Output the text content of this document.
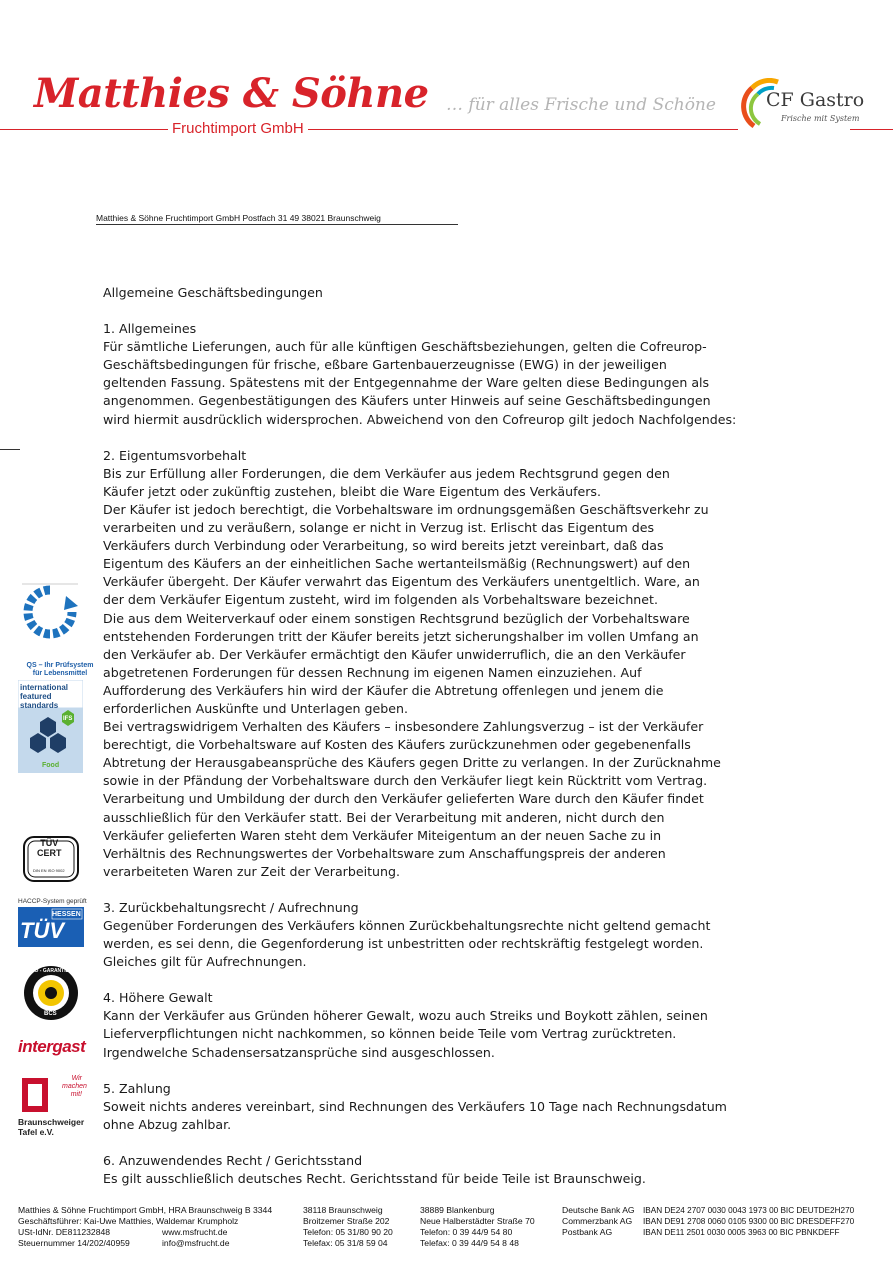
Matthies & Söhne … für alles Frische und Schöne
Fruchtimport GmbH
CF Gastro
Frische mit System
Matthies & Söhne Fruchtimport GmbH Postfach 31 49 38021 Braunschweig
Allgemeine Geschäftsbedingungen
1. Allgemeines
Für sämtliche Lieferungen, auch für alle künftigen Geschäftsbeziehungen, gelten die Cofreurop-
Geschäftsbedingungen für frische, eßbare Gartenbauerzeugnisse (EWG) in der jeweiligen
geltenden Fassung. Spätestens mit der Entgegennahme der Ware gelten diese Bedingungen als
angenommen. Gegenbestätigungen des Käufers unter Hinweis auf seine Geschäftsbedingungen
wird hiermit ausdrücklich widersprochen. Abweichend von den Cofreurop gilt jedoch Nachfolgendes:
2. Eigentumsvorbehalt
Bis zur Erfüllung aller Forderungen, die dem Verkäufer aus jedem Rechtsgrund gegen den
Käufer jetzt oder zukünftig zustehen, bleibt die Ware Eigentum des Verkäufers.
Der Käufer ist jedoch berechtigt, die Vorbehaltsware im ordnungsgemäßen Geschäftsverkehr zu
verarbeiten und zu veräußern, solange er nicht in Verzug ist. Erlischt das Eigentum des
Verkäufers durch Verbindung oder Verarbeitung, so wird bereits jetzt vereinbart, daß das
Eigentum des Käufers an der einheitlichen Sache wertanteilsmäßig (Rechnungswert) auf den
Verkäufer übergeht. Der Käufer verwahrt das Eigentum des Verkäufers unentgeltlich. Ware, an
der dem Verkäufer Eigentum zusteht, wird im folgenden als Vorbehaltsware bezeichnet.
Die aus dem Weiterverkauf oder einem sonstigen Rechtsgrund bezüglich der Vorbehaltsware
entstehenden Forderungen tritt der Käufer bereits jetzt sicherungshalber im vollen Umfang an
den Verkäufer ab. Der Verkäufer ermächtigt den Käufer unwiderruflich, die an den Verkäufer
abgetretenen Forderungen für dessen Rechnung im eigenen Namen einzuziehen. Auf
Aufforderung des Verkäufers hin wird der Käufer die Abtretung offenlegen und jenem die
erforderlichen Auskünfte und Unterlagen geben.
Bei vertragswidrigem Verhalten des Käufers – insbesondere Zahlungsverzug – ist der Verkäufer
berechtigt, die Vorbehaltsware auf Kosten des Käufers zurückzunehmen oder gegebenenfalls
Abtretung der Herausgabeansprüche des Käufers gegen Dritte zu verlangen. In der Zurücknahme
sowie in der Pfändung der Vorbehaltsware durch den Verkäufer liegt kein Rücktritt vom Vertrag.
Verarbeitung und Umbildung der durch den Verkäufer gelieferten Ware durch den Käufer findet
ausschließlich für den Verkäufer statt. Bei der Verarbeitung mit anderen, nicht durch den
Verkäufer gelieferten Waren steht dem Verkäufer Miteigentum an der neuen Sache zu in
Verhältnis des Rechnungswertes der Vorbehaltsware zum Anschaffungspreis der anderen
verarbeiteten Waren zur Zeit der Verarbeitung.
3. Zurückbehaltungsrecht / Aufrechnung
Gegenüber Forderungen des Verkäufers können Zurückbehaltungsrechte nicht geltend gemacht
werden, es sei denn, die Gegenforderung ist unbestritten oder rechtskräftig festgelegt worden.
Gleiches gilt für Aufrechnungen.
4. Höhere Gewalt
Kann der Verkäufer aus Gründen höherer Gewalt, wozu auch Streiks und Boykott zählen, seinen
Lieferverpflichtungen nicht nachkommen, so können beide Teile vom Vertrag zurücktreten.
Irgendwelche Schadensersatzansprüche sind ausgeschlossen.
5. Zahlung
Soweit nichts anderes vereinbart, sind Rechnungen des Verkäufers 10 Tage nach Rechnungsdatum
ohne Abzug zahlbar.
6. Anzuwendendes Recht / Gerichtsstand
Es gilt ausschließlich deutsches Recht. Gerichtsstand für beide Teile ist Braunschweig.
QS – Ihr Prüfsystem
für Lebensmittel
international
featured
standards
IFS
Food
TÜV
CERT
DIN EN ISO 9002
HACCP-System geprüft
HESSEN
TÜV
ÖKO - GARANTIE
BCS
intergast
Wir
machen
mit!
Braunschweiger
Tafel e.V.
Matthies & Söhne Fruchtimport GmbH, HRA Braunschweig B 3344
Geschäftsführer: Kai-Uwe Matthies, Waldemar Krumpholz
USt-IdNr. DE811232848
Steuernummer 14/202/40959
www.msfrucht.de
info@msfrucht.de
38118 Braunschweig
Broitzemer Straße 202
Telefon: 05 31/80 90 20
Telefax: 05 31/8 59 04
38889 Blankenburg
Neue Halberstädter Straße 70
Telefon: 0 39 44/9 54 80
Telefax: 0 39 44/9 54 8 48
Deutsche Bank AG
Commerzbank AG
Postbank AG
IBAN DE24 2707 0030 0043 1973 00 BIC DEUTDE2H270
IBAN DE91 2708 0060 0105 9300 00 BIC DRESDEFF270
IBAN DE11 2501 0030 0005 3963 00 BIC PBNKDEFF
